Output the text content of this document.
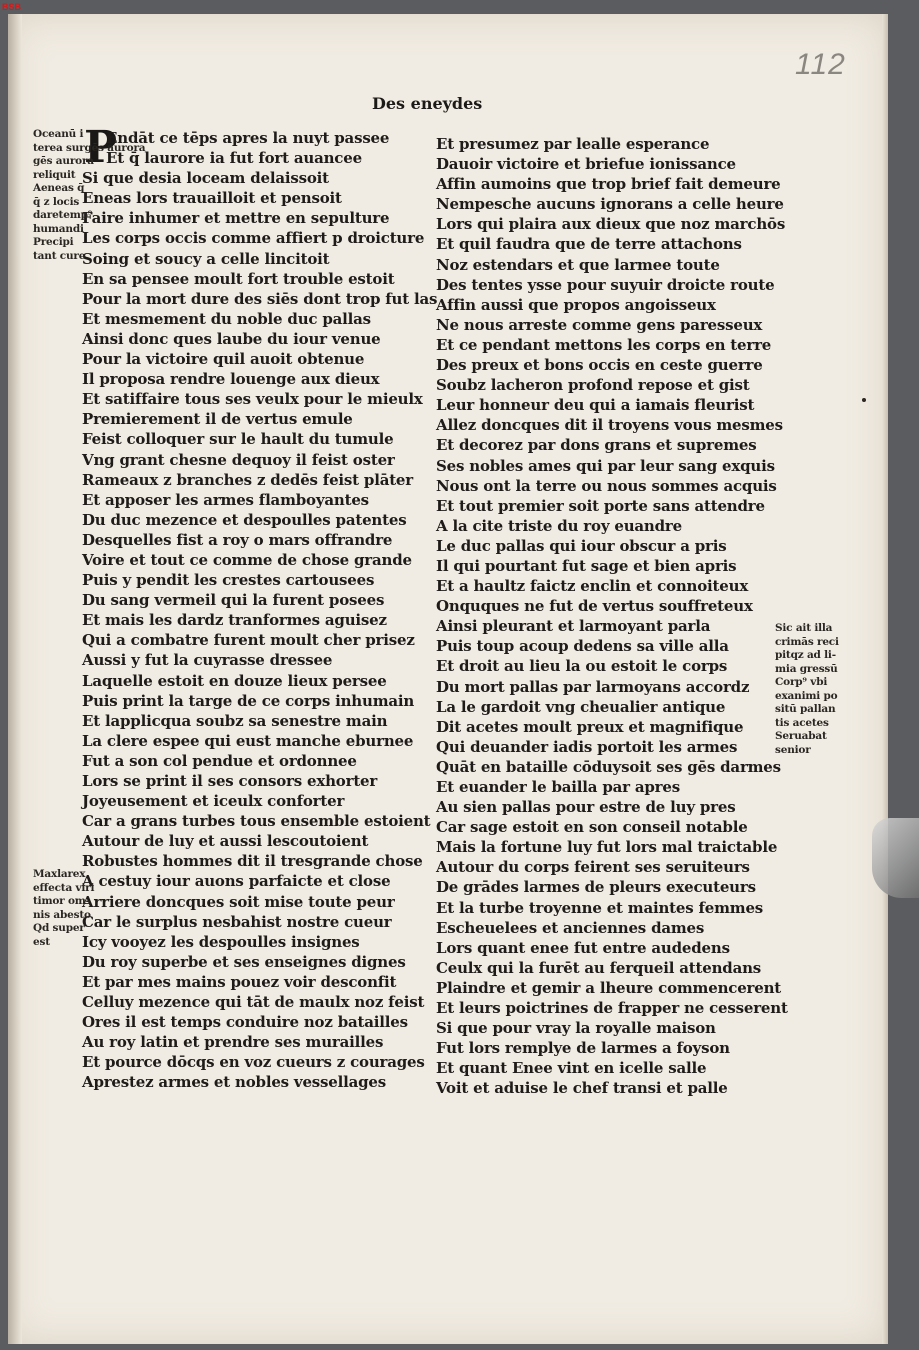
BSB
112
Des eneydes
P
Endāt ce tēps apres la nuyt passee
Et q̄ laurore ia fut fort auancee
Si que desia loceam delaissoit
Eneas lors trauailloit et pensoit
Faire inhumer et mettre en sepulture
Les corps occis comme affiert p droicture
Soing et soucy a celle lincitoit
En sa pensee moult fort trouble estoit
Pour la mort dure des siēs dont trop fut las
Et mesmement du noble duc pallas
Ainsi donc ques laube du iour venue
Pour la victoire quil auoit obtenue
Il proposa rendre louenge aux dieux
Et satiffaire tous ses veulx pour le mieulx
Premierement il de vertus emule
Feist colloquer sur le hault du tumule
Vng grant chesne dequoy il feist oster
Rameaux z branches z dedēs feist plāter
Et apposer les armes flamboyantes
Du duc mezence et despoulles patentes
Desquelles fist a roy o mars offrandre
Voire et tout ce comme de chose grande
Puis y pendit les crestes cartousees
Du sang vermeil qui la furent posees
Et mais les dardz tranformes aguisez
Qui a combatre furent moult cher prisez
Aussi y fut la cuyrasse dressee
Laquelle estoit en douze lieux persee
Puis print la targe de ce corps inhumain
Et lapplicqua soubz sa senestre main
La clere espee qui eust manche eburnee
Fut a son col pendue et ordonnee
Lors se print il ses consors exhorter
Joyeusement et iceulx conforter
Car a grans turbes tous ensemble estoient
Autour de luy et aussi lescoutoient
Robustes hommes dit il tresgrande chose
A cestuy iour auons parfaicte et close
Arriere doncques soit mise toute peur
Car le surplus nesbahist nostre cueur
Icy vooyez les despoulles insignes
Du roy superbe et ses enseignes dignes
Et par mes mains pouez voir desconfit
Celluy mezence qui tāt de maulx noz feist
Ores il est temps conduire noz batailles
Au roy latin et prendre ses murailles
Et pource dōcqs en voz cueurs z courages
Aprestez armes et nobles vessellages
Et presumez par lealle esperance
Dauoir victoire et briefue ionissance
Affin aumoins que trop brief fait demeure
Nempesche aucuns ignorans a celle heure
Lors qui plaira aux dieux que noz marchōs
Et quil faudra que de terre attachons
Noz estendars et que larmee toute
Des tentes ysse pour suyuir droicte route
Affin aussi que propos angoisseux
Ne nous arreste comme gens paresseux
Et ce pendant mettons les corps en terre
Des preux et bons occis en ceste guerre
Soubz lacheron profond repose et gist
Leur honneur deu qui a iamais fleurist
Allez doncques dit il troyens vous mesmes
Et decorez par dons grans et supremes
Ses nobles ames qui par leur sang exquis
Nous ont la terre ou nous sommes acquis
Et tout premier soit porte sans attendre
A la cite triste du roy euandre
Le duc pallas qui iour obscur a pris
Il qui pourtant fut sage et bien apris
Et a haultz faictz enclin et connoiteux
Onquques ne fut de vertus souffreteux
Ainsi pleurant et larmoyant parla
Puis toup acoup dedens sa ville alla
Et droit au lieu la ou estoit le corps
Du mort pallas par larmoyans accordz
La le gardoit vng cheualier antique
Dit acetes moult preux et magnifique
Qui deuander iadis portoit les armes
Quāt en bataille cōduysoit ses gēs darmes
Et euander le bailla par apres
Au sien pallas pour estre de luy pres
Car sage estoit en son conseil notable
Mais la fortune luy fut lors mal traictable
Autour du corps feirent ses seruiteurs
De grādes larmes de pleurs executeurs
Et la turbe troyenne et maintes femmes
Escheuelees et anciennes dames
Lors quant enee fut entre audedens
Ceulx qui la furēt au ferqueil attendans
Plaindre et gemir a lheure commencerent
Et leurs poictrines de frapper ne cesserent
Si que pour vray la royalle maison
Fut lors remplye de larmes a foyson
Et quant Enee vint en icelle salle
Voit et aduise le chef transi et palle
Oceanū i
terea surgēs aurora
gēs aurora
reliquit
Aeneas q̄
q̄ z locis
daretemp⁹
humandi
Precipi
tant cure
Maxlarex
effecta viri
timor om-
nis abesto
Qd super
est
Sic ait illa
crimās reci
pitqz ad li-
mia gressū
Corp⁹ vbi
exanimi po
sitū pallan
tis acetes
Seruabat
senior
